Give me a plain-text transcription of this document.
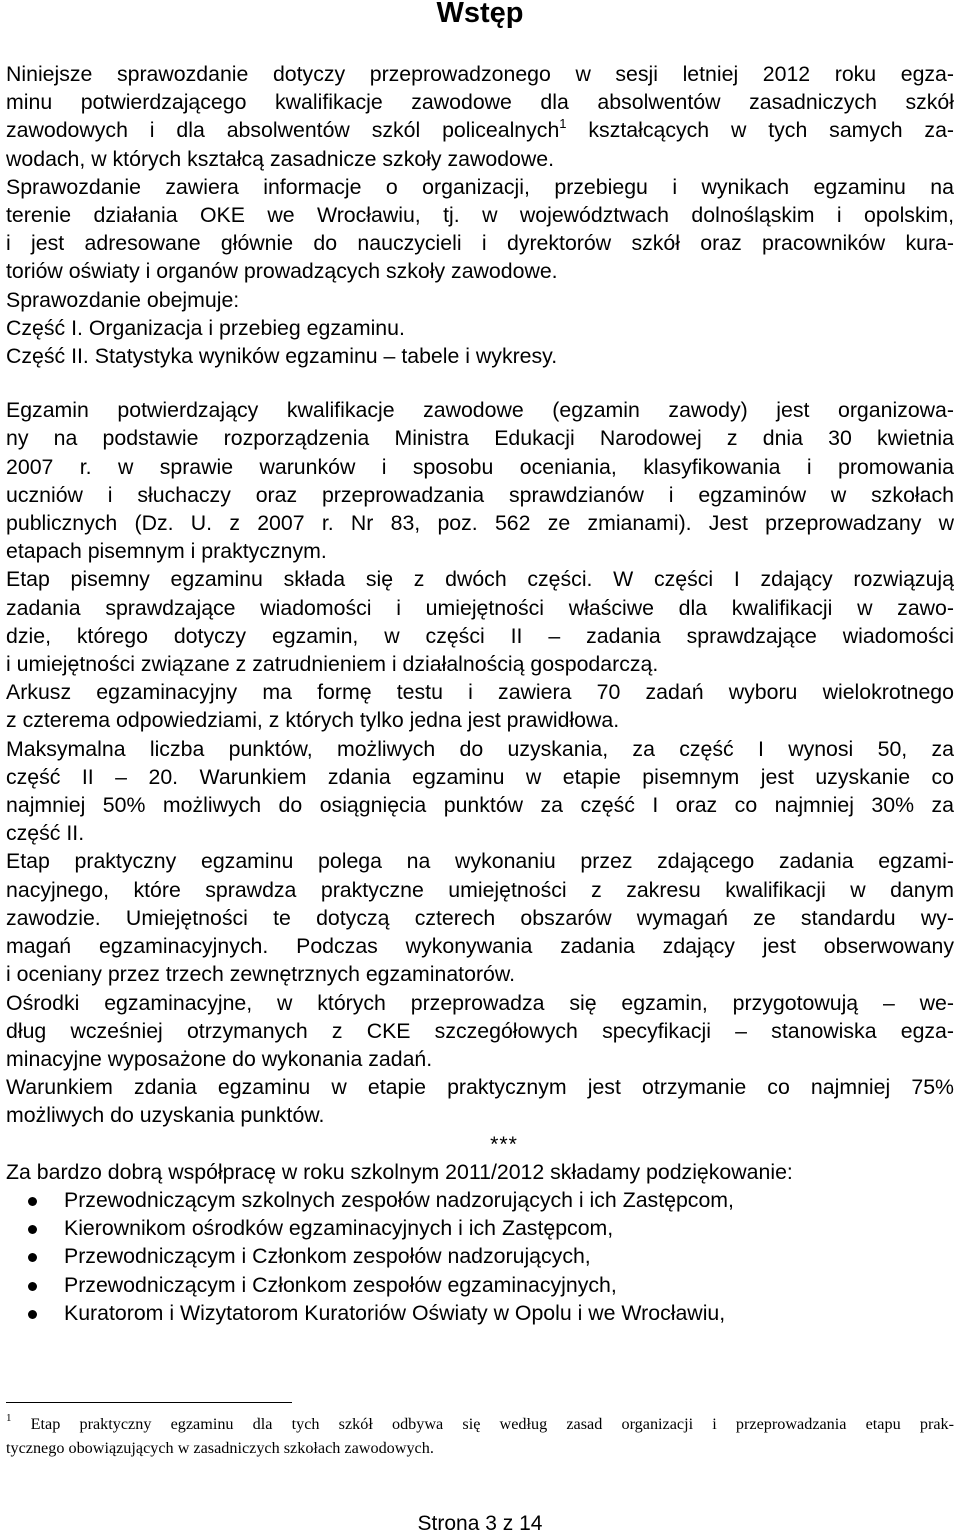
Wstęp
Niniejsze sprawozdanie dotyczy przeprowadzonego w sesji letniej 2012 roku egza-
minu potwierdzającego kwalifikacje zawodowe dla absolwentów zasadniczych szkół
zawodowych i dla absolwentów szkól policealnych$^1$ kształcących w tych samych za-
wodach, w których kształcą zasadnicze szkoły zawodowe.
Sprawozdanie zawiera informacje o organizacji, przebiegu i wynikach egzaminu na
terenie działania OKE we Wrocławiu, tj. w województwach dolnośląskim i opolskim,
i jest adresowane głównie do nauczycieli i dyrektorów szkół oraz pracowników kura-
toriów oświaty i organów prowadzących szkoły zawodowe.
Sprawozdanie obejmuje:
Część I. Organizacja i przebieg egzaminu.
Część II. Statystyka wyników egzaminu – tabele i wykresy.
Egzamin potwierdzający kwalifikacje zawodowe (egzamin zawody) jest organizowa-
ny na podstawie rozporządzenia Ministra Edukacji Narodowej z dnia 30 kwietnia
2007 r. w sprawie warunków i sposobu oceniania, klasyfikowania i promowania
uczniów i słuchaczy oraz przeprowadzania sprawdzianów i egzaminów w szkołach
publicznych (Dz. U. z 2007 r. Nr 83, poz. 562 ze zmianami). Jest przeprowadzany w
etapach pisemnym i praktycznym.
Etap pisemny egzaminu składa się z dwóch części. W części I zdający rozwiązują
zadania sprawdzające wiadomości i umiejętności właściwe dla kwalifikacji w zawo-
dzie, którego dotyczy egzamin, w części II – zadania sprawdzające wiadomości
i umiejętności związane z zatrudnieniem i działalnością gospodarczą.
Arkusz egzaminacyjny ma formę testu i zawiera 70 zadań wyboru wielokrotnego
z czterema odpowiedziami, z których tylko jedna jest prawidłowa.
Maksymalna liczba punktów, możliwych do uzyskania, za część I wynosi 50, za
część II – 20. Warunkiem zdania egzaminu w etapie pisemnym jest uzyskanie co
najmniej 50% możliwych do osiągnięcia punktów za część I oraz co najmniej 30% za
część II.
Etap praktyczny egzaminu polega na wykonaniu przez zdającego zadania egzami-
nacyjnego, które sprawdza praktyczne umiejętności z zakresu kwalifikacji w danym
zawodzie. Umiejętności te dotyczą czterech obszarów wymagań ze standardu wy-
magań egzaminacyjnych. Podczas wykonywania zadania zdający jest obserwowany
i oceniany przez trzech zewnętrznych egzaminatorów.
Ośrodki egzaminacyjne, w których przeprowadza się egzamin, przygotowują – we-
dług wcześniej otrzymanych z CKE szczegółowych specyfikacji – stanowiska egza-
minacyjne wyposażone do wykonania zadań.
Warunkiem zdania egzaminu w etapie praktycznym jest otrzymanie co najmniej 75%
możliwych do uzyskania punktów.
***
Za bardzo dobrą współpracę w roku szkolnym 2011/2012 składamy podziękowanie:
Przewodniczącym szkolnych zespołów nadzorujących i ich Zastępcom,
Kierownikom ośrodków egzaminacyjnych i ich Zastępcom,
Przewodniczącym i Członkom zespołów nadzorujących,
Przewodniczącym i Członkom zespołów egzaminacyjnych,
Kuratorom i Wizytatorom Kuratoriów Oświaty w Opolu i we Wrocławiu,
$^1$ Etap praktyczny egzaminu dla tych szkół odbywa się według zasad organizacji i przeprowadzania etapu prak-
tycznego obowiązujących w zasadniczych szkołach zawodowych.
Strona 3 z 14
